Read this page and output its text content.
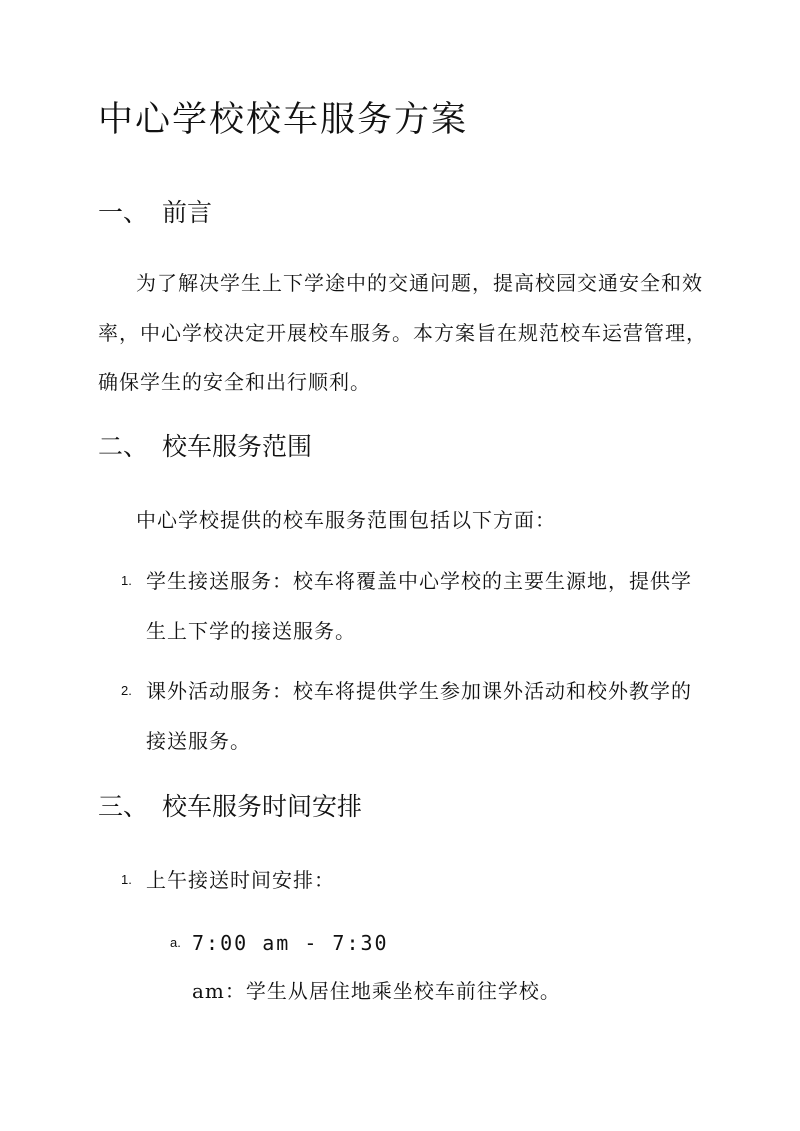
中心学校校车服务方案
一、 前言

为了解决学生上下学途中的交通问题，提高校园交通安全和效

率，中心学校决定开展校车服务。本方案旨在规范校车运营管理，

确保学生的安全和出行顺利。

二、 校车服务范围

中心学校提供的校车服务范围包括以下方面：

1. 学生接送服务：校车将覆盖中心学校的主要生源地，提供学

生上下学的接送服务。

2. 课外活动服务：校车将提供学生参加课外活动和校外教学的

接送服务。

三、 校车服务时间安排
1. 上午接送时间安排：

a. 7:00 am - 7:30

am：学生从居住地乘坐校车前往学校。
